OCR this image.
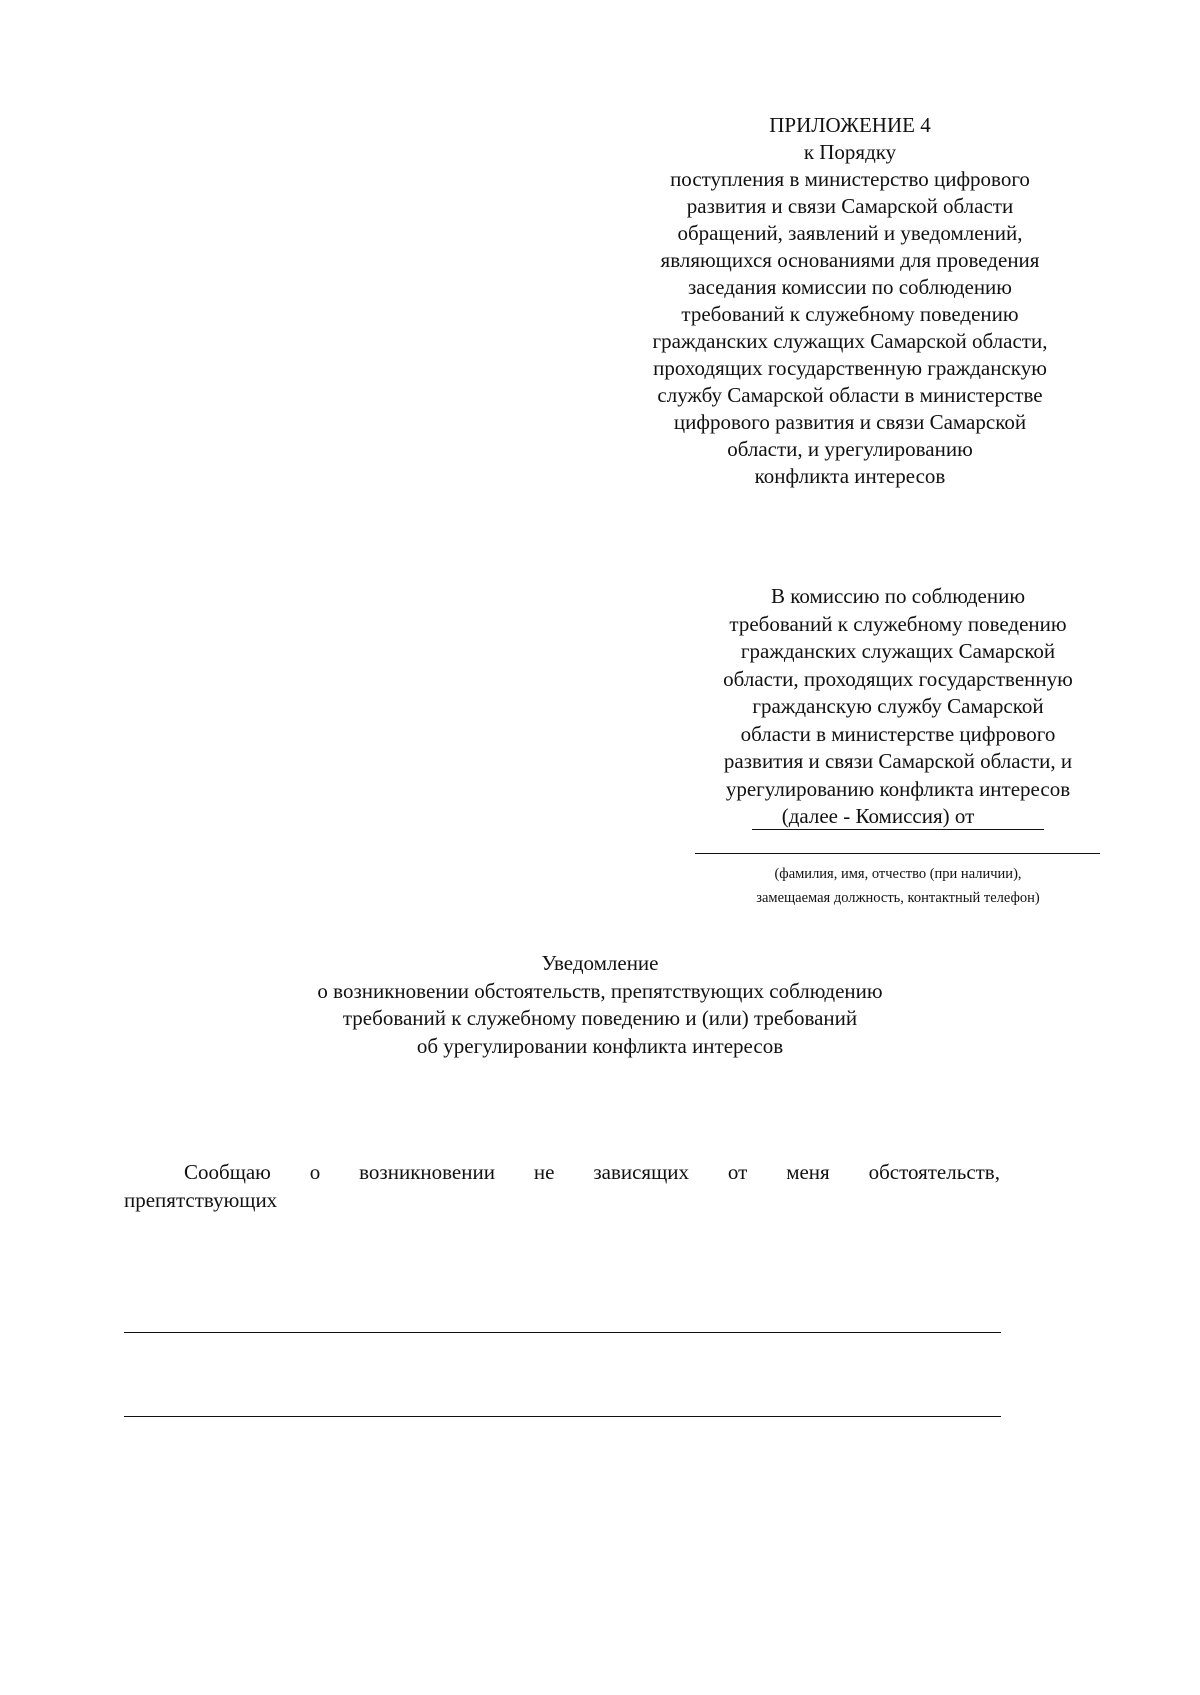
ПРИЛОЖЕНИЕ 4
к Порядку
поступления в министерство цифрового
развития и связи Самарской области
обращений, заявлений и уведомлений,
являющихся основаниями для проведения
заседания комиссии по соблюдению
требований к служебному поведению
гражданских служащих Самарской области,
проходящих государственную гражданскую
службу Самарской области в министерстве
цифрового развития и связи Самарской
области, и урегулированию
конфликта интересов
В комиссию по соблюдению
требований к служебному поведению
гражданских служащих Самарской
области, проходящих государственную
гражданскую службу Самарской
области в министерстве цифрового
развития и связи Самарской области, и
урегулированию конфликта интересов
(далее - Комиссия) от
(фамилия, имя, отчество (при наличии),
замещаемая должность, контактный телефон)
Уведомление
о возникновении обстоятельств, препятствующих соблюдению
требований к служебному поведению и (или) требований
об урегулировании конфликта интересов
Сообщаю о возникновении не зависящих от меня обстоятельств,
препятствующих
